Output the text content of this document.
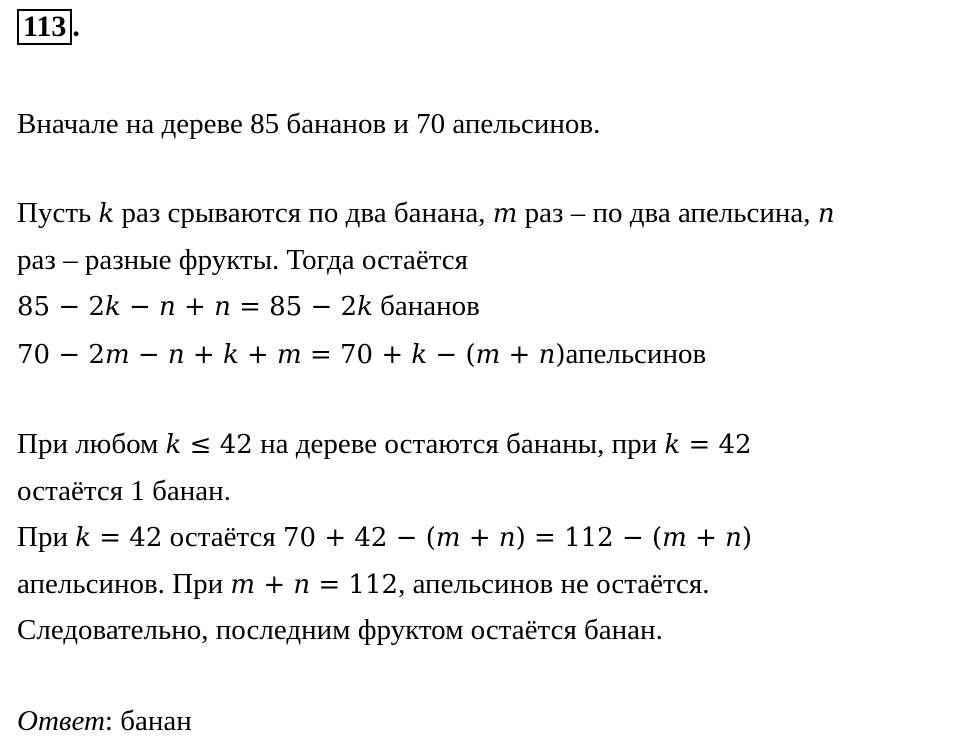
113 .
Вначале на дереве 85 бананов и 70 апельсинов.
Пусть k раз срываются по два банана, m раз – по два апельсина, n
раз – разные фрукты. Тогда остаётся
85 − 2𝑘 − 𝑛 + 𝑛 = 85 − 2𝑘 бананов
70 − 2𝑚 − 𝑛 + 𝑘 + 𝑚 = 70 + 𝑘 − (𝑚 + 𝑛)апельсинов
При любом 𝑘 ≤ 42 на дереве остаются бананы, при 𝑘 = 42
остаётся 1 банан.
При 𝑘 = 42 остаётся 70 + 42 − (𝑚 + 𝑛) = 112 − (𝑚 + 𝑛)
апельсинов. При 𝑚 + 𝑛 = 112, апельсинов не остаётся.
Следовательно, последним фруктом остаётся банан.
Ответ: банан
